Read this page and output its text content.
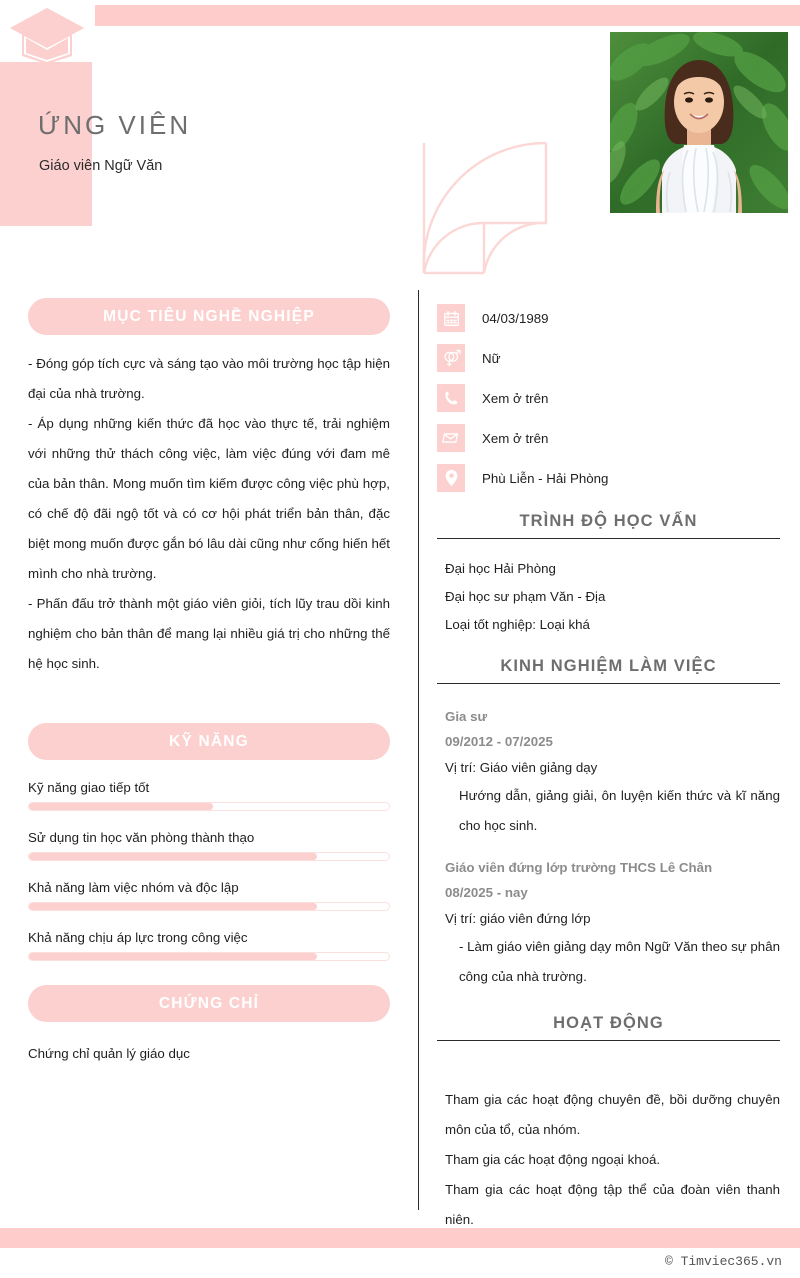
ỨNG VIÊN
Giáo viên Ngữ Văn
MỤC TIÊU NGHỀ NGHIỆP

- Đóng góp tích cực và sáng tạo vào môi trường học tập hiện đại của nhà trường.

- Áp dụng những kiến thức đã học vào thực tế, trải nghiệm với những thử thách công việc, làm việc đúng với đam mê của bản thân. Mong muốn tìm kiếm được công việc phù hợp, có chế độ đãi ngộ tốt và có cơ hội phát triển bản thân, đặc biệt mong muốn được gắn bó lâu dài cũng như cống hiến hết mình cho nhà trường.

- Phấn đấu trở thành một giáo viên giỏi, tích lũy trau dồi kinh nghiệm cho bản thân để mang lại nhiều giá trị cho những thế hệ học sinh.

KỸ NĂNG
Kỹ năng giao tiếp tốt
Sử dụng tin học văn phòng thành thạo
Khả năng làm việc nhóm và độc lập
Khả năng chịu áp lực trong công việc
CHỨNG CHỈ
Chứng chỉ quản lý giáo dục
04/03/1989
Nữ
Xem ở trên
Xem ở trên
Phù Liễn - Hải Phòng
TRÌNH ĐỘ HỌC VẤN
Đại học Hải Phòng
Đại học sư phạm Văn - Địa
Loại tốt nghiệp: Loại khá
KINH NGHIỆM LÀM VIỆC
Gia sư
09/2012 - 07/2025
Vị trí: Giáo viên giảng dạy
Hướng dẫn, giảng giải, ôn luyện kiến thức và kĩ năng cho học sinh.
Giáo viên đứng lớp trường THCS Lê Chân
08/2025 - nay
Vị trí: giáo viên đứng lớp
- Làm giáo viên giảng dạy môn Ngữ Văn theo sự phân công của nhà trường.
HOẠT ĐỘNG
Tham gia các hoạt động chuyên đề, bồi dưỡng chuyên môn của tổ, của nhóm.
Tham gia các hoạt động ngoại khoá.
Tham gia các hoạt động tập thể của đoàn viên thanh niên.
© Timviec365.vn
